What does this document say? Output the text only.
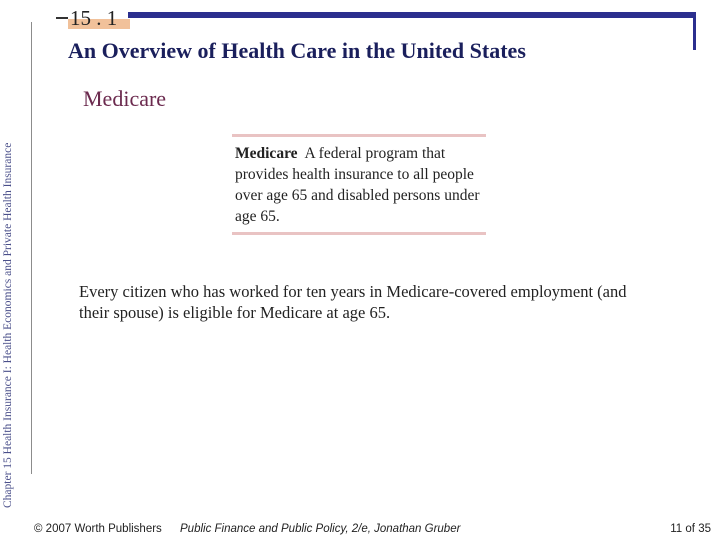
Chapter 15 Health Insurance I: Health Economics and Private Health Insurance
15 . 1
An Overview of Health Care in the United States
Medicare
Medicare A federal program that provides health insurance to all people over age 65 and disabled persons under age 65.
Every citizen who has worked for ten years in Medicare-covered employment (and their spouse) is eligible for Medicare at age 65.
© 2007 Worth Publishers Public Finance and Public Policy, 2/e, Jonathan Gruber	11 of 35
